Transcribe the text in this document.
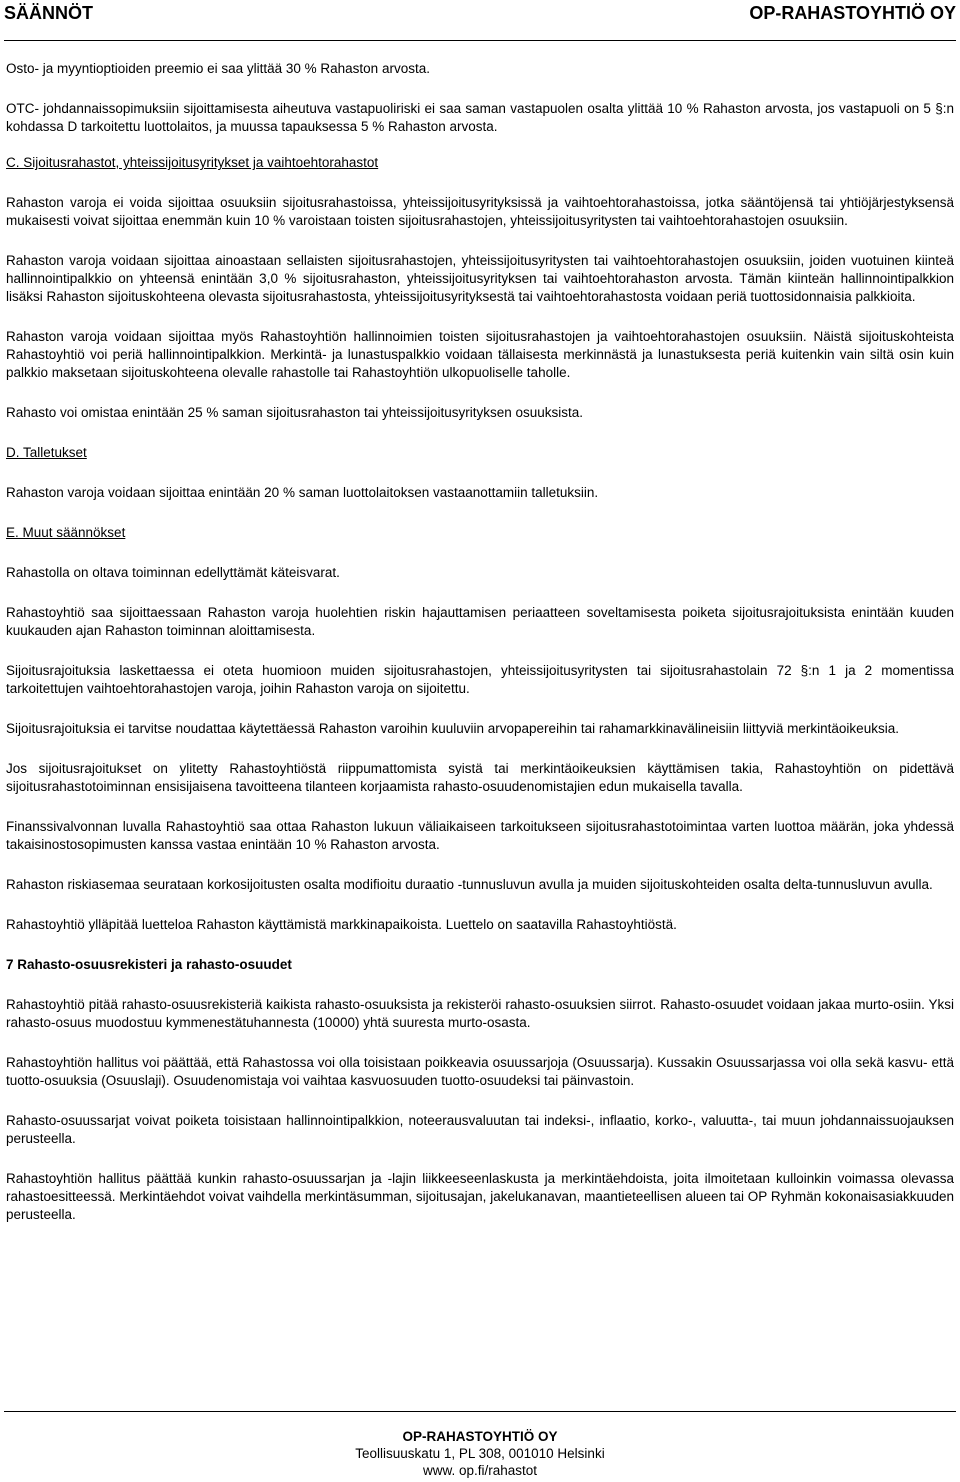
SÄÄNNÖT	OP-RAHASTOYHTIÖ OY

Osto- ja myyntioptioiden preemio ei saa ylittää 30 % Rahaston arvosta.

OTC- johdannaissopimuksiin sijoittamisesta aiheutuva vastapuoliriski ei saa saman vastapuolen osalta ylittää 10 % Rahaston arvosta, jos vastapuoli on 5 §:n kohdassa D tarkoitettu luottolaitos, ja muussa tapauksessa 5 % Rahaston arvosta.

C. Sijoitusrahastot, yhteissijoitusyritykset ja vaihtoehtorahastot

Rahaston varoja ei voida sijoittaa osuuksiin sijoitusrahastoissa, yhteissijoitusyrityksissä ja vaihtoehtorahastoissa, jotka sääntöjensä tai yhtiöjärjestyksensä mukaisesti voivat sijoittaa enemmän kuin 10 % varoistaan toisten sijoitusrahastojen, yhteissijoitusyritysten tai vaihtoehtorahastojen osuuksiin.

Rahaston varoja voidaan sijoittaa ainoastaan sellaisten sijoitusrahastojen, yhteissijoitusyritysten tai vaihtoehtorahastojen osuuksiin, joiden vuotuinen kiinteä hallinnointipalkkio on yhteensä enintään 3,0 % sijoitusrahaston, yhteissijoitusyrityksen tai vaihtoehtorahaston arvosta. Tämän kiinteän hallinnointipalkkion lisäksi Rahaston sijoituskohteena olevasta sijoitusrahastosta, yhteissijoitusyrityksestä tai vaihtoehtorahastosta voidaan periä tuottosidonnaisia palkkioita.

Rahaston varoja voidaan sijoittaa myös Rahastoyhtiön hallinnoimien toisten sijoitusrahastojen ja vaihtoehtorahastojen osuuksiin. Näistä sijoituskohteista Rahastoyhtiö voi periä hallinnointipalkkion. Merkintä- ja lunastuspalkkio voidaan tällaisesta merkinnästä ja lunastuksesta periä kuitenkin vain siltä osin kuin palkkio maksetaan sijoituskohteena olevalle rahastolle tai Rahastoyhtiön ulkopuoliselle taholle.

Rahasto voi omistaa enintään 25 % saman sijoitusrahaston tai yhteissijoitusyrityksen osuuksista.

D. Talletukset

Rahaston varoja voidaan sijoittaa enintään 20 % saman luottolaitoksen vastaanottamiin talletuksiin.

E. Muut säännökset

Rahastolla on oltava toiminnan edellyttämät käteisvarat.

Rahastoyhtiö saa sijoittaessaan Rahaston varoja huolehtien riskin hajauttamisen periaatteen soveltamisesta poiketa sijoitusrajoituksista enintään kuuden kuukauden ajan Rahaston toiminnan aloittamisesta.

Sijoitusrajoituksia laskettaessa ei oteta huomioon muiden sijoitusrahastojen, yhteissijoitusyritysten tai sijoitusrahastolain 72 §:n 1 ja 2 momentissa tarkoitettujen vaihtoehtorahastojen varoja, joihin Rahaston varoja on sijoitettu.

Sijoitusrajoituksia ei tarvitse noudattaa käytettäessä Rahaston varoihin kuuluviin arvopapereihin tai rahamarkkinavälineisiin liittyviä merkintäoikeuksia.

Jos sijoitusrajoitukset on ylitetty Rahastoyhtiöstä riippumattomista syistä tai merkintäoikeuksien käyttämisen takia, Rahastoyhtiön on pidettävä sijoitusrahastotoiminnan ensisijaisena tavoitteena tilanteen korjaamista rahasto-osuudenomistajien edun mukaisella tavalla.

Finanssivalvonnan luvalla Rahastoyhtiö saa ottaa Rahaston lukuun väliaikaiseen tarkoitukseen sijoitusrahastotoimintaa varten luottoa määrän, joka yhdessä takaisinostosopimusten kanssa vastaa enintään 10 % Rahaston arvosta.

Rahaston riskiasemaa seurataan korkosijoitusten osalta modifioitu duraatio -tunnusluvun avulla ja muiden sijoituskohteiden osalta delta-tunnusluvun avulla.

Rahastoyhtiö ylläpitää luetteloa Rahaston käyttämistä markkinapaikoista. Luettelo on saatavilla Rahastoyhtiöstä.

7 Rahasto-osuusrekisteri ja rahasto-osuudet

Rahastoyhtiö pitää rahasto-osuusrekisteriä kaikista rahasto-osuuksista ja rekisteröi rahasto-osuuksien siirrot. Rahasto-osuudet voidaan jakaa murto-osiin. Yksi rahasto-osuus muodostuu kymmenestätuhannesta (10000) yhtä suuresta murto-osasta.

Rahastoyhtiön hallitus voi päättää, että Rahastossa voi olla toisistaan poikkeavia osuussarjoja (Osuussarja). Kussakin Osuussarjassa voi olla sekä kasvu- että tuotto-osuuksia (Osuuslaji). Osuudenomistaja voi vaihtaa kasvuosuuden tuotto-osuudeksi tai päinvastoin.

Rahasto-osuussarjat voivat poiketa toisistaan hallinnointipalkkion, noteerausvaluutan tai indeksi-, inflaatio, korko-, valuutta-, tai muun johdannaissuojauksen perusteella.

Rahastoyhtiön hallitus päättää kunkin rahasto-osuussarjan ja -lajin liikkeeseenlaskusta ja merkintäehdoista, joita ilmoitetaan kulloinkin voimassa olevassa rahastoesitteessä. Merkintäehdot voivat vaihdella merkintäsumman, sijoitusajan, jakelukanavan, maantieteellisen alueen tai OP Ryhmän kokonaisasiakkuuden perusteella.

OP-RAHASTOYHTIÖ OY
Teollisuuskatu 1, PL 308, 001010 Helsinki
www. op.fi/rahastot
